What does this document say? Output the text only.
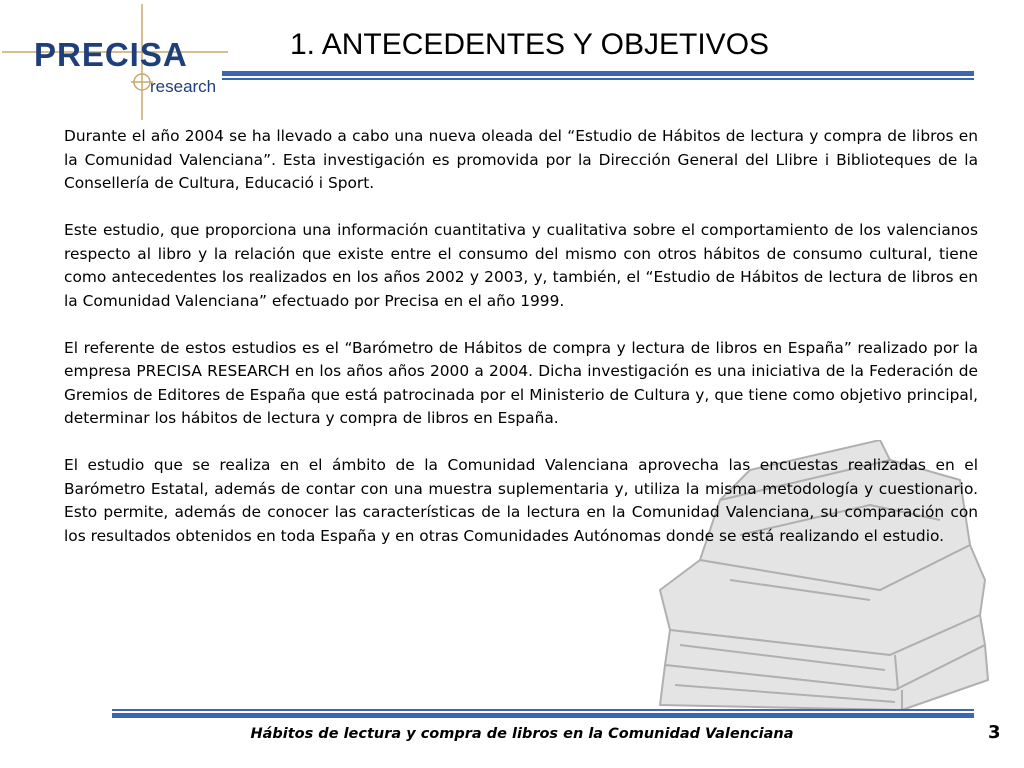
PRECISA
research
1. ANTECEDENTES Y OBJETIVOS

Durante el año 2004 se ha llevado a cabo una nueva oleada del “Estudio de Hábitos de lectura y compra de libros en la Comunidad Valenciana”. Esta investigación es promovida por la Dirección General del Llibre i Biblioteques de la Consellería de Cultura, Educació i Sport.

Este estudio, que proporciona una información cuantitativa y cualitativa sobre el comportamiento de los valencianos respecto al libro y la relación que existe entre el consumo del mismo con otros hábitos de consumo cultural, tiene como antecedentes los realizados en los años 2002 y 2003, y, también, el “Estudio de Hábitos de lectura de libros en la Comunidad Valenciana” efectuado por Precisa en el año 1999.

El referente de estos estudios es el “Barómetro de Hábitos de compra y lectura de libros en España” realizado por la empresa PRECISA RESEARCH en los años años 2000 a 2004. Dicha investigación es una iniciativa de la Federación de Gremios de Editores de España que está patrocinada por el Ministerio de Cultura y, que tiene como objetivo principal, determinar los hábitos de lectura y compra de libros en España.

El estudio que se realiza en el ámbito de la Comunidad Valenciana aprovecha las encuestas realizadas en el Barómetro Estatal, además de contar con una muestra suplementaria y, utiliza la misma metodología y cuestionario. Esto permite, además de conocer las características de la lectura en la Comunidad Valenciana, su comparación con los resultados obtenidos en toda España y en otras Comunidades Autónomas donde se está realizando el estudio.

Hábitos de lectura y compra de libros en la Comunidad Valenciana	3
